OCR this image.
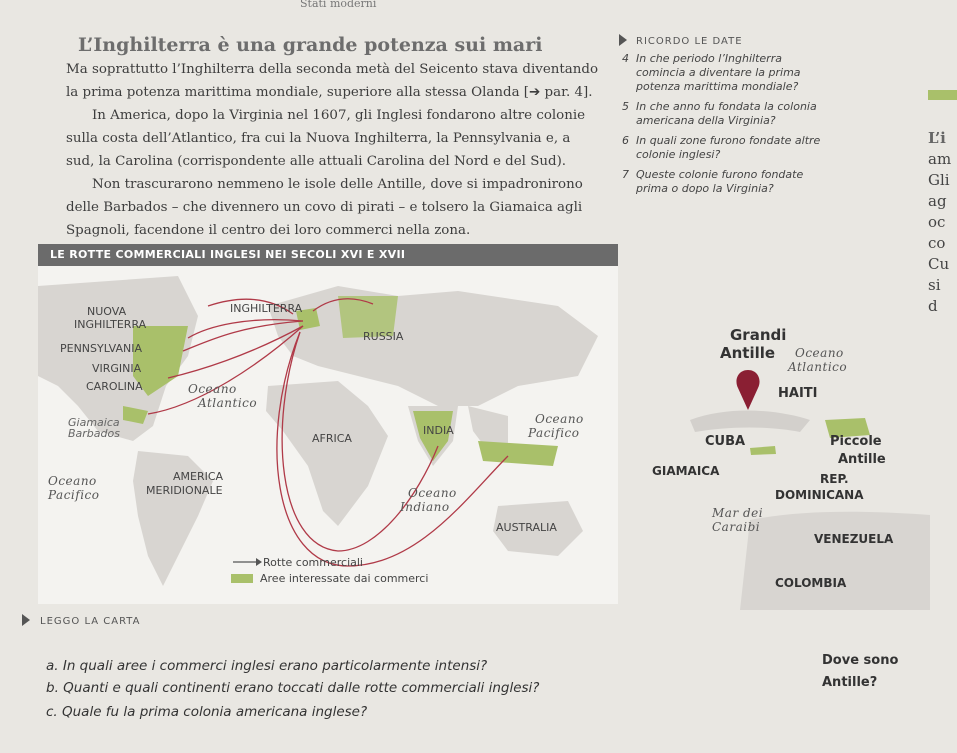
Stati moderni
L’Inghilterra è una grande potenza sui mari
Ma soprattutto l’Inghilterra della seconda metà del Seicento stava diventando
la prima potenza marittima mondiale, superiore alla stessa Olanda [➔ par. 4].
In America, dopo la Virginia nel 1607, gli Inglesi fondarono altre colonie
sulla costa dell’Atlantico, fra cui la Nuova Inghilterra, la Pennsylvania e, a
sud, la Carolina (corrispondente alle attuali Carolina del Nord e del Sud).
Non trascurarono nemmeno le isole delle Antille, dove si impadronirono
delle Barbados – che divennero un covo di pirati – e tolsero la Giamaica agli
Spagnoli, facendone il centro dei loro commerci nella zona.
RICORDO LE DATE
4 In che periodo l’Inghilterra
comincia a diventare la prima
potenza marittima mondiale?
5 In che anno fu fondata la colonia
americana della Virginia?
6 In quali zone furono fondate altre
colonie inglesi?
7 Queste colonie furono fondate
prima o dopo la Virginia?
L’i
am
Gli
ag
oc
co
Cu
si
d
LE ROTTE COMMERCIALI INGLESI NEI SECOLI XVI E XVII
NUOVA
INGHILTERRA
INGHILTERRA
RUSSIA
PENNSYLVANIA
VIRGINIA
CAROLINA	Oceano
Atlantico
Giamaica
Barbados	AFRICA
INDIA
Oceano
Pacifico
AMERICA
MERIDIONALE
Oceano
Pacifico	Oceano
Indiano
AUSTRALIA
Rotte commerciali
Aree interessate dai commerci
Grandi
Antille Oceano
Atlantico
HAITI
CUBA	Piccole
Antille
GIAMAICA
REP.
DOMINICANA
Mar dei
Caraibi
VENEZUELA
COLOMBIA
LEGGO LA CARTA
a. In quali aree i commerci inglesi erano particolarmente intensi?
b. Quanti e quali continenti erano toccati dalle rotte commerciali inglesi?
c. Quale fu la prima colonia americana inglese?
Dove sono
Antille?
